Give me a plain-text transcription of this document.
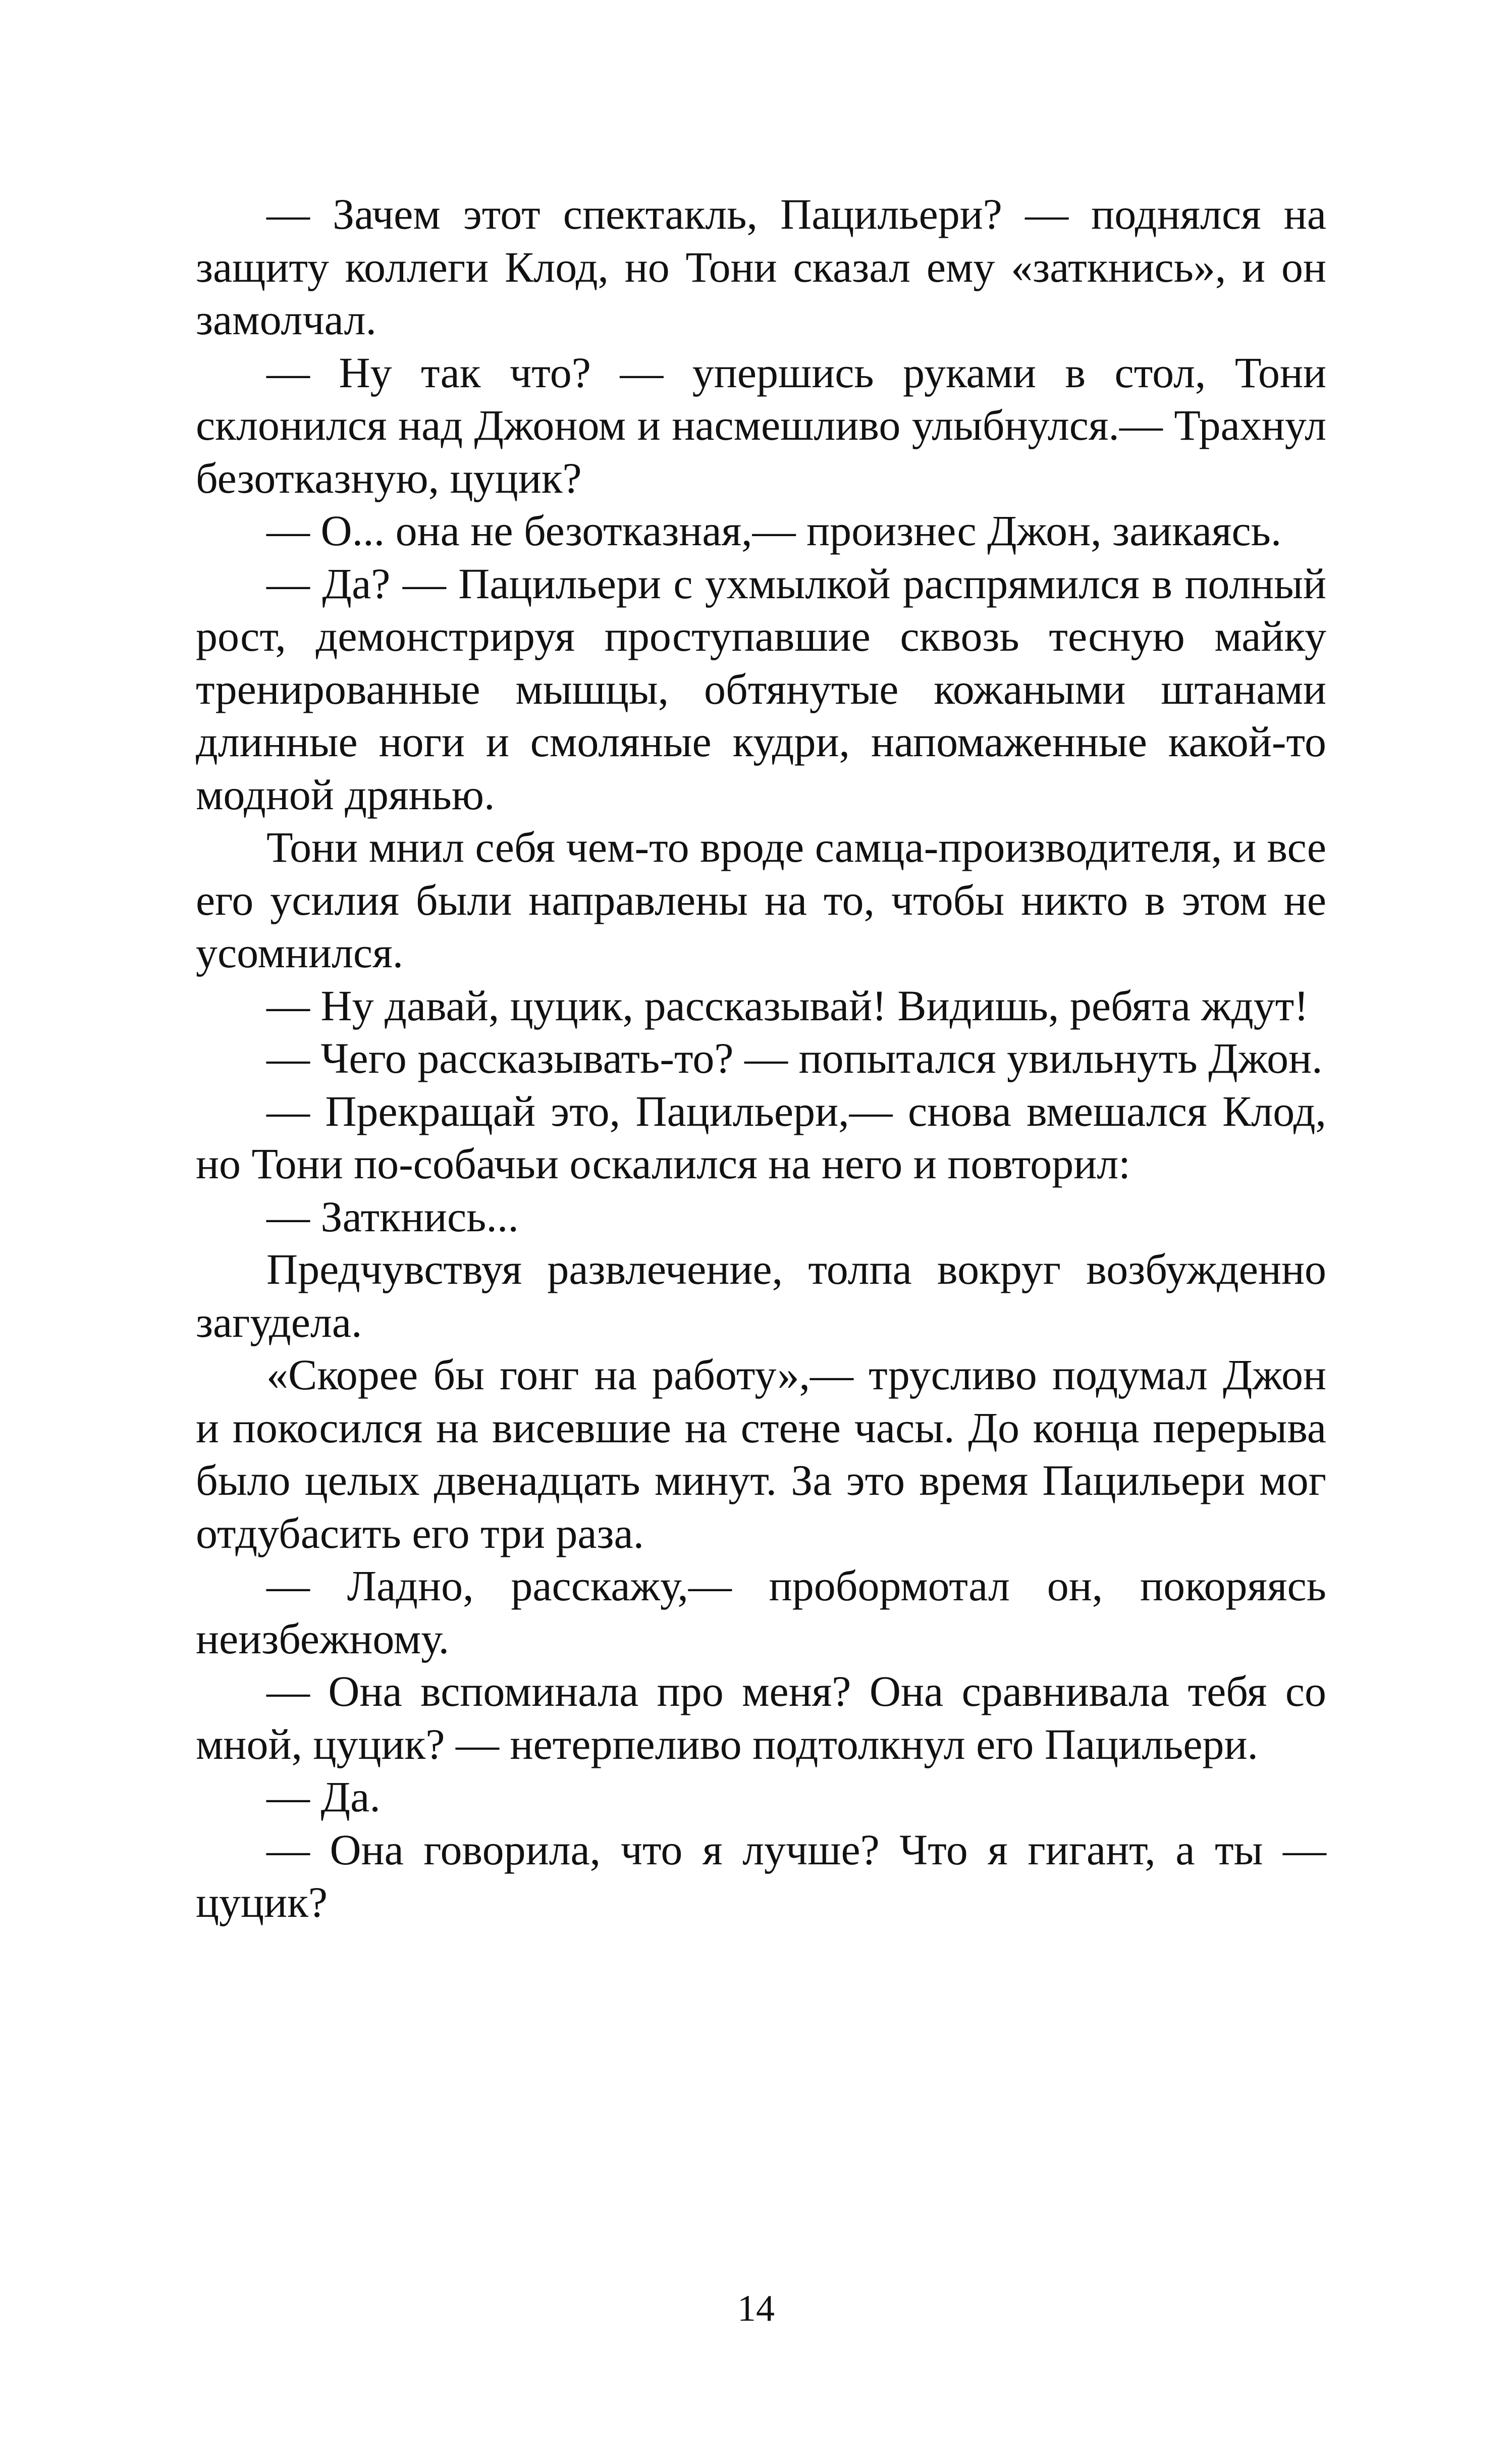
— Зачем этот спектакль, Пацильери? — поднялся на защиту коллеги Клод, но Тони сказал ему «заткнись», и он замолчал.

— Ну так что? — упершись руками в стол, Тони склонился над Джоном и насмешливо улыбнулся.— Трахнул безотказную, цуцик?

— О... она не безотказная,— произнес Джон, заикаясь.

— Да? — Пацильери с ухмылкой распрямился в полный рост, демонстрируя проступавшие сквозь тесную майку тренированные мышцы, обтянутые кожаными штанами длинные ноги и смоляные кудри, напомаженные какой-то модной дрянью.

Тони мнил себя чем-то вроде самца-производителя, и все его усилия были направлены на то, чтобы никто в этом не усомнился.

— Ну давай, цуцик, рассказывай! Видишь, ребята ждут!

— Чего рассказывать-то? — попытался увильнуть Джон.

— Прекращай это, Пацильери,— снова вмешался Клод, но Тони по-собачьи оскалился на него и повторил:

— Заткнись...

Предчувствуя развлечение, толпа вокруг возбужденно загудела.

«Скорее бы гонг на работу»,— трусливо подумал Джон и покосился на висевшие на стене часы. До конца перерыва было целых двенадцать минут. За это время Пацильери мог отдубасить его три раза.

— Ладно, расскажу,— пробормотал он, покоряясь неизбежному.

— Она вспоминала про меня? Она сравнивала тебя со мной, цуцик? — нетерпеливо подтолкнул его Пацильери.

— Да.

— Она говорила, что я лучше? Что я гигант, а ты — цуцик?

14
